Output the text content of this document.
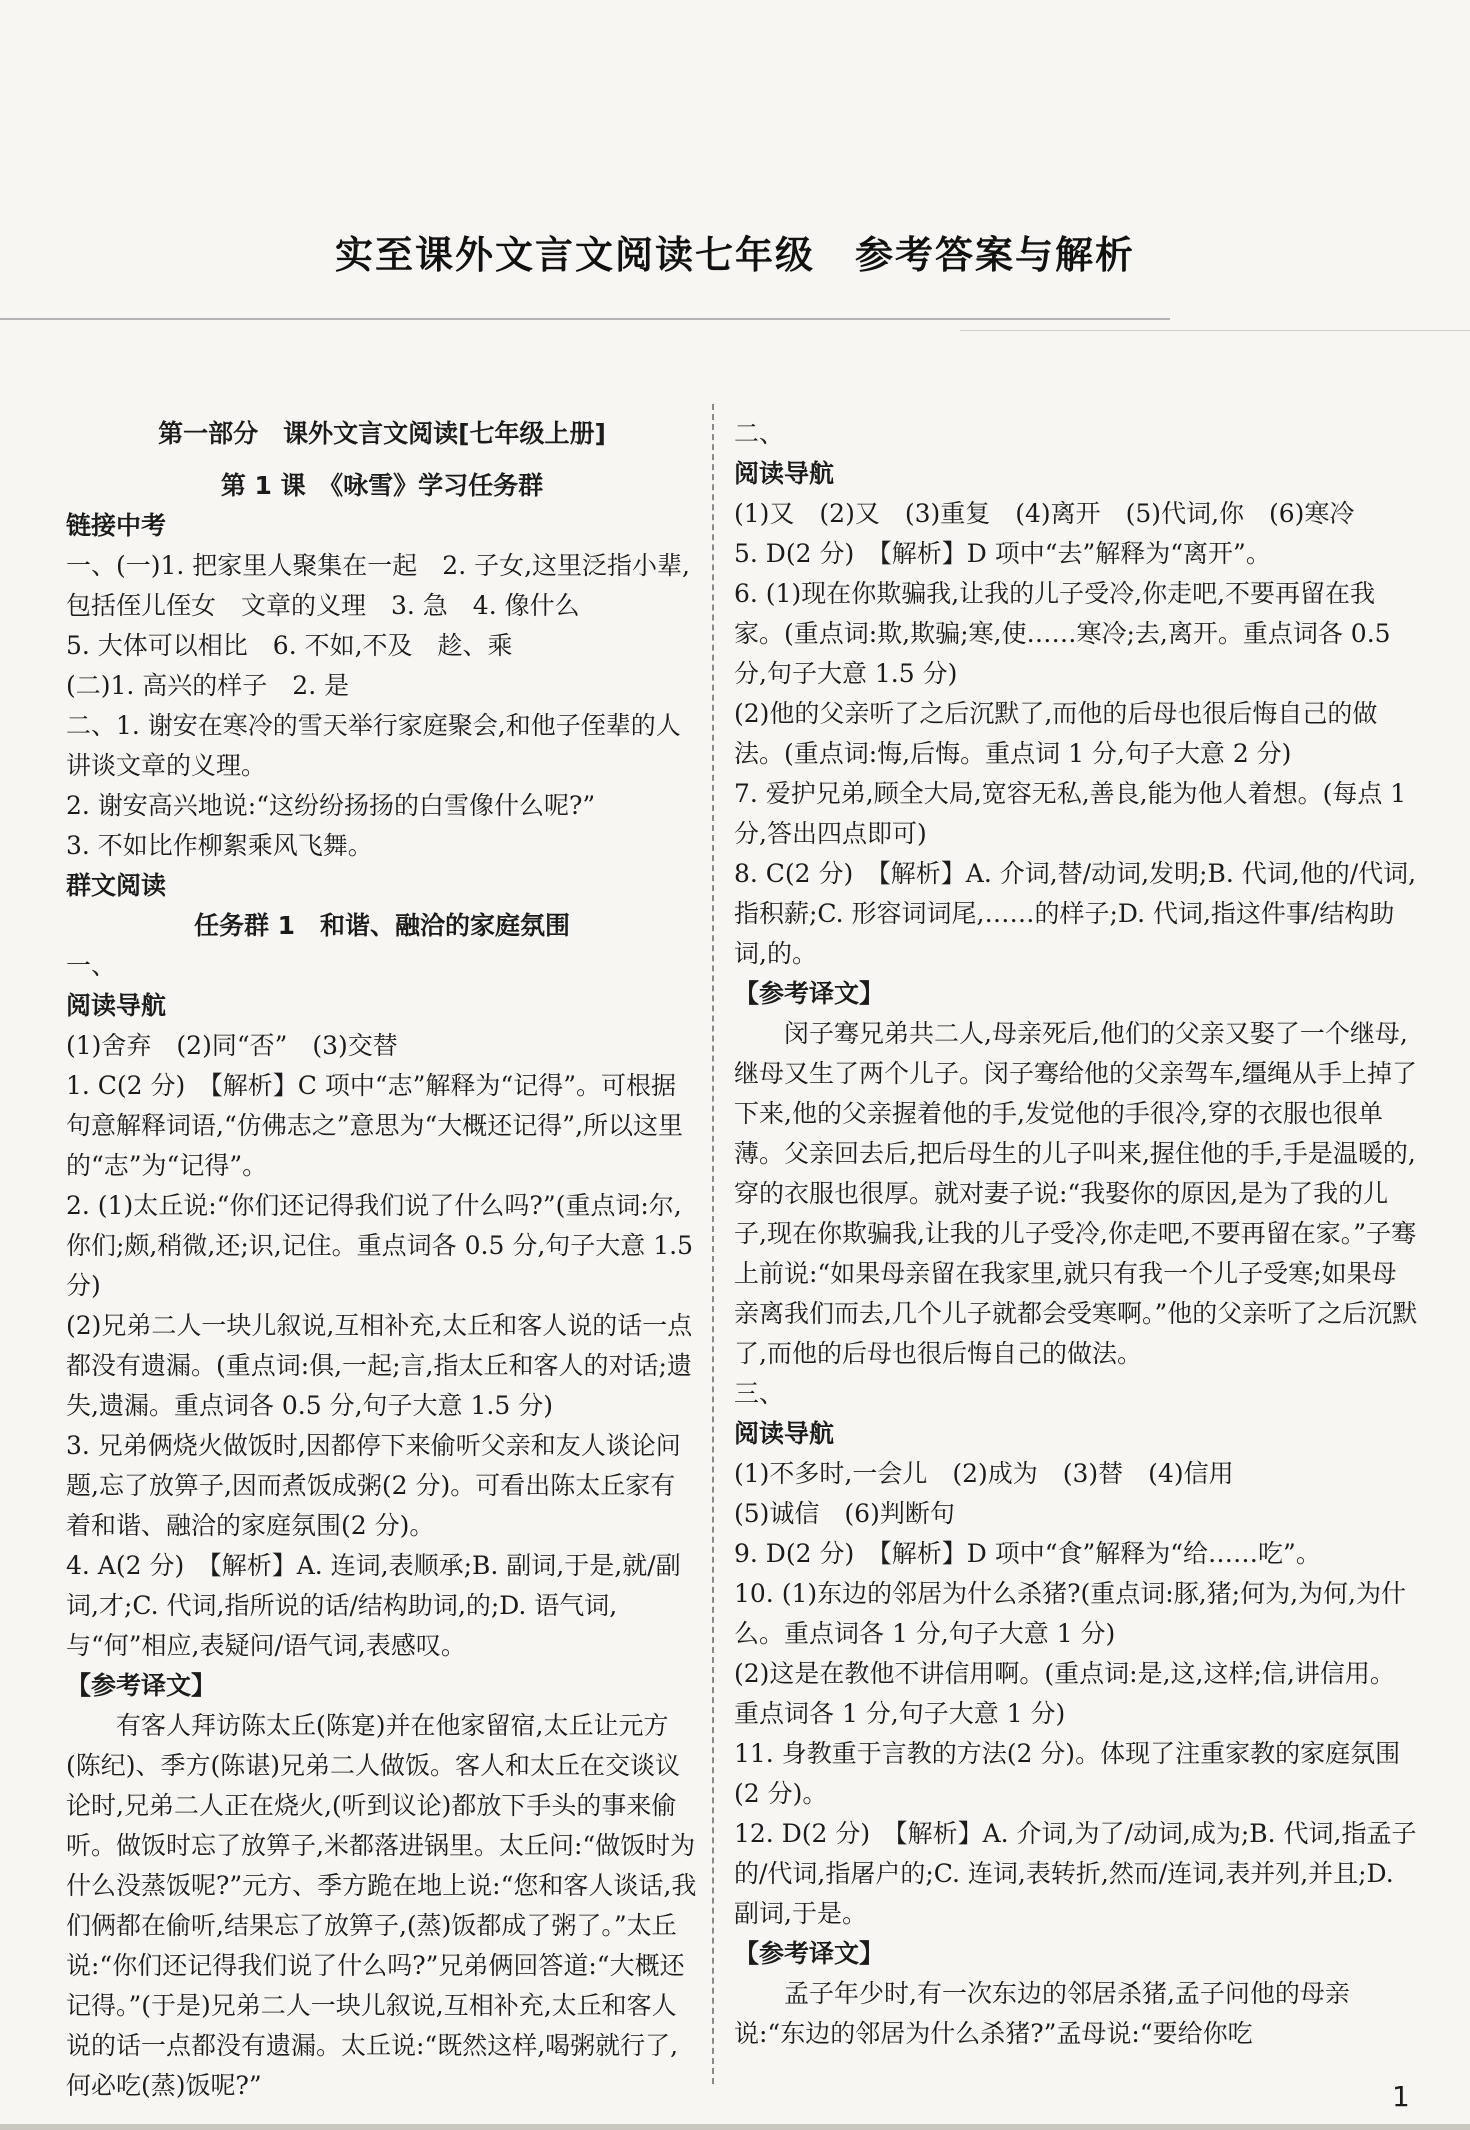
实至课外文言文阅读七年级　参考答案与解析

第一部分　课外文言文阅读[七年级上册]

第 1 课　《咏雪》学习任务群

链接中考

一、(一)1. 把家里人聚集在一起　2. 子女,这里泛指小辈,包括侄儿侄女　文章的义理　3. 急　4. 像什么

5. 大体可以相比　6. 不如,不及　趁、乘

(二)1. 高兴的样子　2. 是

二、1. 谢安在寒冷的雪天举行家庭聚会,和他子侄辈的人讲谈文章的义理。

2. 谢安高兴地说:“这纷纷扬扬的白雪像什么呢?”

3. 不如比作柳絮乘风飞舞。

群文阅读

任务群 1　和谐、融洽的家庭氛围

一、

阅读导航

(1)舍弃　(2)同“否”　(3)交替

1. C(2 分)　【解析】C 项中“志”解释为“记得”。可根据句意解释词语,“仿佛志之”意思为“大概还记得”,所以这里的“志”为“记得”。

2. (1)太丘说:“你们还记得我们说了什么吗?”(重点词:尔,你们;颇,稍微,还;识,记住。重点词各 0.5 分,句子大意 1.5 分)

(2)兄弟二人一块儿叙说,互相补充,太丘和客人说的话一点都没有遗漏。(重点词:俱,一起;言,指太丘和客人的对话;遗失,遗漏。重点词各 0.5 分,句子大意 1.5 分)

3. 兄弟俩烧火做饭时,因都停下来偷听父亲和友人谈论问题,忘了放箅子,因而煮饭成粥(2 分)。可看出陈太丘家有着和谐、融洽的家庭氛围(2 分)。

4. A(2 分)　【解析】A. 连词,表顺承;B. 副词,于是,就/副词,才;C. 代词,指所说的话/结构助词,的;D. 语气词,与“何”相应,表疑问/语气词,表感叹。

【参考译文】

有客人拜访陈太丘(陈寔)并在他家留宿,太丘让元方(陈纪)、季方(陈谌)兄弟二人做饭。客人和太丘在交谈议论时,兄弟二人正在烧火,(听到议论)都放下手头的事来偷听。做饭时忘了放箅子,米都落进锅里。太丘问:“做饭时为什么没蒸饭呢?”元方、季方跪在地上说:“您和客人谈话,我们俩都在偷听,结果忘了放箅子,(蒸)饭都成了粥了。”太丘说:“你们还记得我们说了什么吗?”兄弟俩回答道:“大概还记得。”(于是)兄弟二人一块儿叙说,互相补充,太丘和客人说的话一点都没有遗漏。太丘说:“既然这样,喝粥就行了,何必吃(蒸)饭呢?”

二、

阅读导航

(1)又　(2)又　(3)重复　(4)离开　(5)代词,你　(6)寒冷

5. D(2 分)　【解析】D 项中“去”解释为“离开”。

6. (1)现在你欺骗我,让我的儿子受冷,你走吧,不要再留在我家。(重点词:欺,欺骗;寒,使……寒冷;去,离开。重点词各 0.5 分,句子大意 1.5 分)

(2)他的父亲听了之后沉默了,而他的后母也很后悔自己的做法。(重点词:悔,后悔。重点词 1 分,句子大意 2 分)

7. 爱护兄弟,顾全大局,宽容无私,善良,能为他人着想。(每点 1 分,答出四点即可)

8. C(2 分)　【解析】A. 介词,替/动词,发明;B. 代词,他的/代词,指积薪;C. 形容词词尾,……的样子;D. 代词,指这件事/结构助词,的。

【参考译文】

闵子骞兄弟共二人,母亲死后,他们的父亲又娶了一个继母,继母又生了两个儿子。闵子骞给他的父亲驾车,缰绳从手上掉了下来,他的父亲握着他的手,发觉他的手很冷,穿的衣服也很单薄。父亲回去后,把后母生的儿子叫来,握住他的手,手是温暖的,穿的衣服也很厚。就对妻子说:“我娶你的原因,是为了我的儿子,现在你欺骗我,让我的儿子受冷,你走吧,不要再留在家。”子骞上前说:“如果母亲留在我家里,就只有我一个儿子受寒;如果母亲离我们而去,几个儿子就都会受寒啊。”他的父亲听了之后沉默了,而他的后母也很后悔自己的做法。

三、

阅读导航

(1)不多时,一会儿　(2)成为　(3)替　(4)信用

(5)诚信　(6)判断句

9. D(2 分)　【解析】D 项中“食”解释为“给……吃”。

10. (1)东边的邻居为什么杀猪?(重点词:豚,猪;何为,为何,为什么。重点词各 1 分,句子大意 1 分)

(2)这是在教他不讲信用啊。(重点词:是,这,这样;信,讲信用。重点词各 1 分,句子大意 1 分)

11. 身教重于言教的方法(2 分)。体现了注重家教的家庭氛围(2 分)。

12. D(2 分)　【解析】A. 介词,为了/动词,成为;B. 代词,指孟子的/代词,指屠户的;C. 连词,表转折,然而/连词,表并列,并且;D. 副词,于是。

【参考译文】

孟子年少时,有一次东边的邻居杀猪,孟子问他的母亲说:“东边的邻居为什么杀猪?”孟母说:“要给你吃

1
